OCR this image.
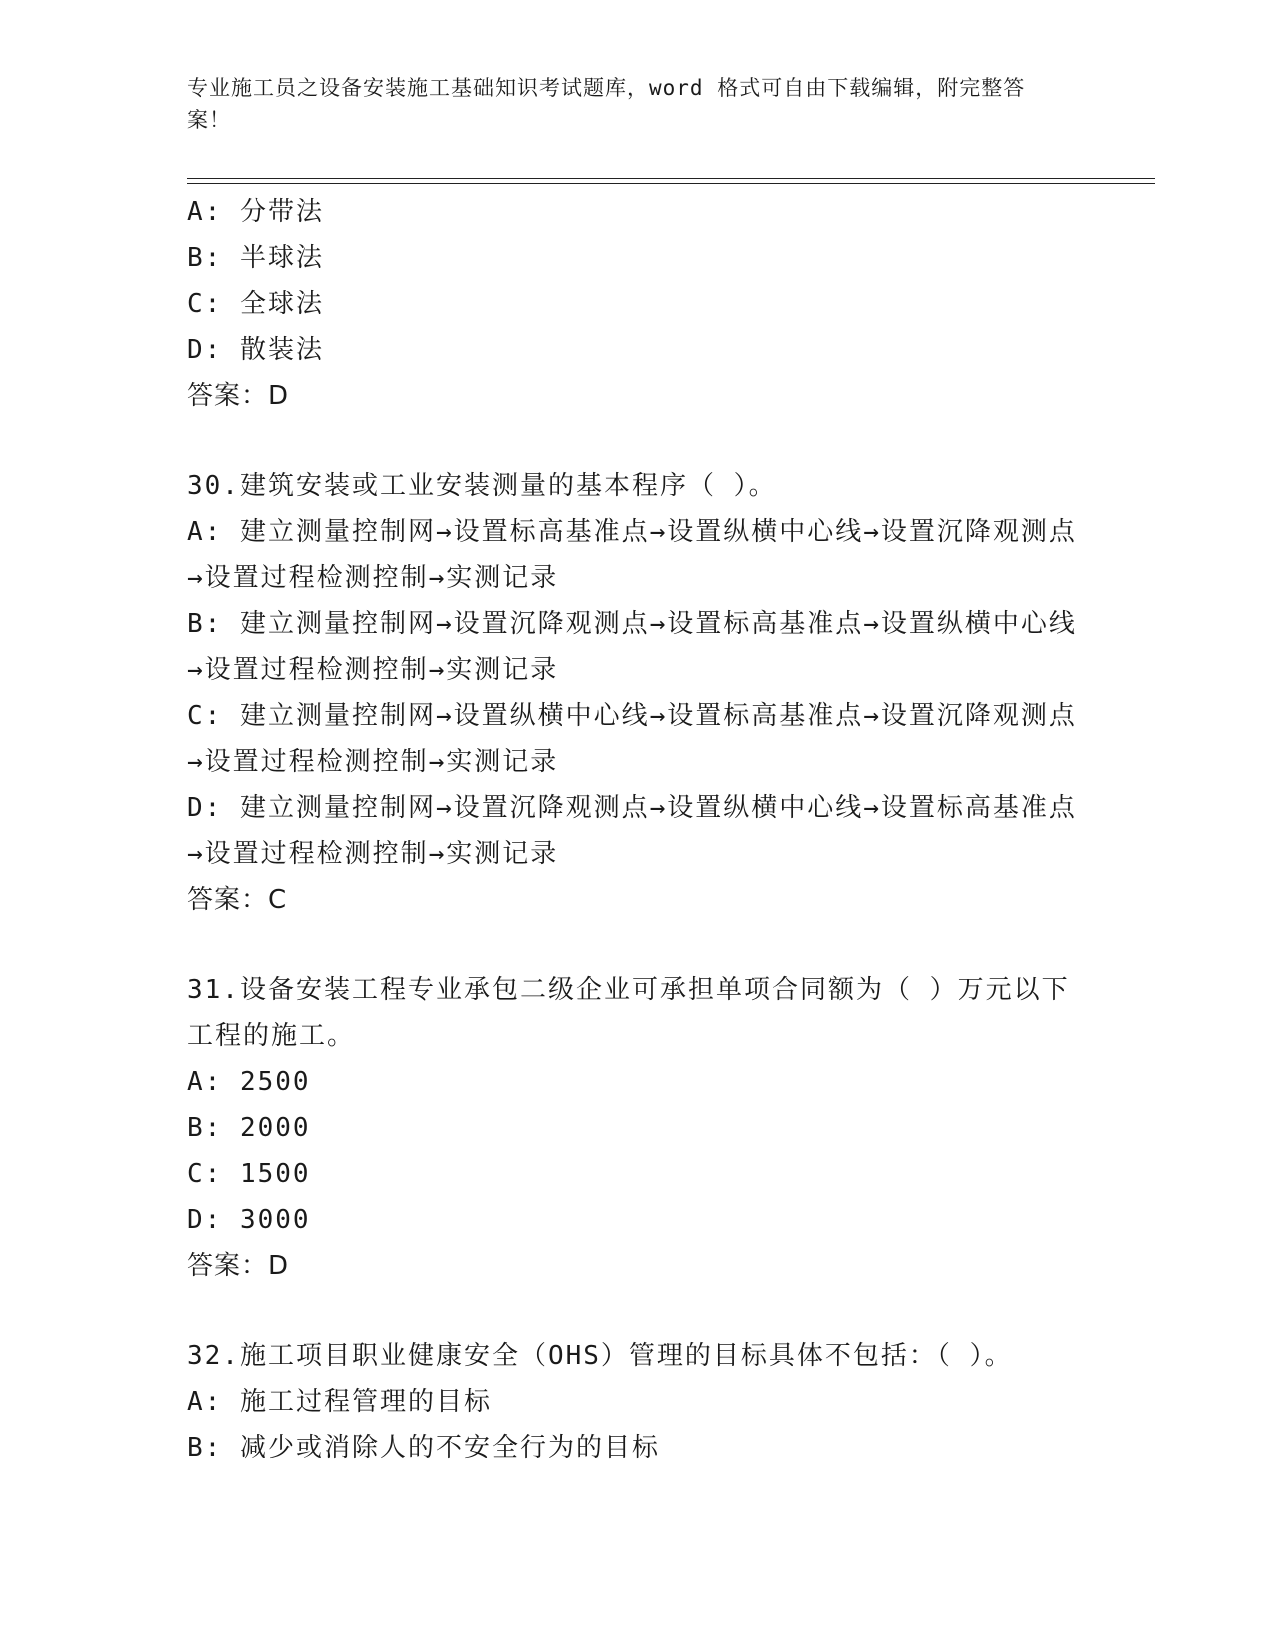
专业施工员之设备安装施工基础知识考试题库，word 格式可自由下载编辑，附完整答案！

A: 分带法

B: 半球法

C: 全球法

D: 散装法

答案：D

30.建筑安装或工业安装测量的基本程序（ ）。

A: 建立测量控制网→设置标高基准点→设置纵横中心线→设置沉降观测点→设置过程检测控制→实测记录

B: 建立测量控制网→设置沉降观测点→设置标高基准点→设置纵横中心线→设置过程检测控制→实测记录

C: 建立测量控制网→设置纵横中心线→设置标高基准点→设置沉降观测点→设置过程检测控制→实测记录

D: 建立测量控制网→设置沉降观测点→设置纵横中心线→设置标高基准点→设置过程检测控制→实测记录

答案：C

31.设备安装工程专业承包二级企业可承担单项合同额为（ ）万元以下工程的施工。

A: 2500

B: 2000

C: 1500

D: 3000

答案：D

32.施工项目职业健康安全（OHS）管理的目标具体不包括：（ ）。

A: 施工过程管理的目标

B: 减少或消除人的不安全行为的目标
